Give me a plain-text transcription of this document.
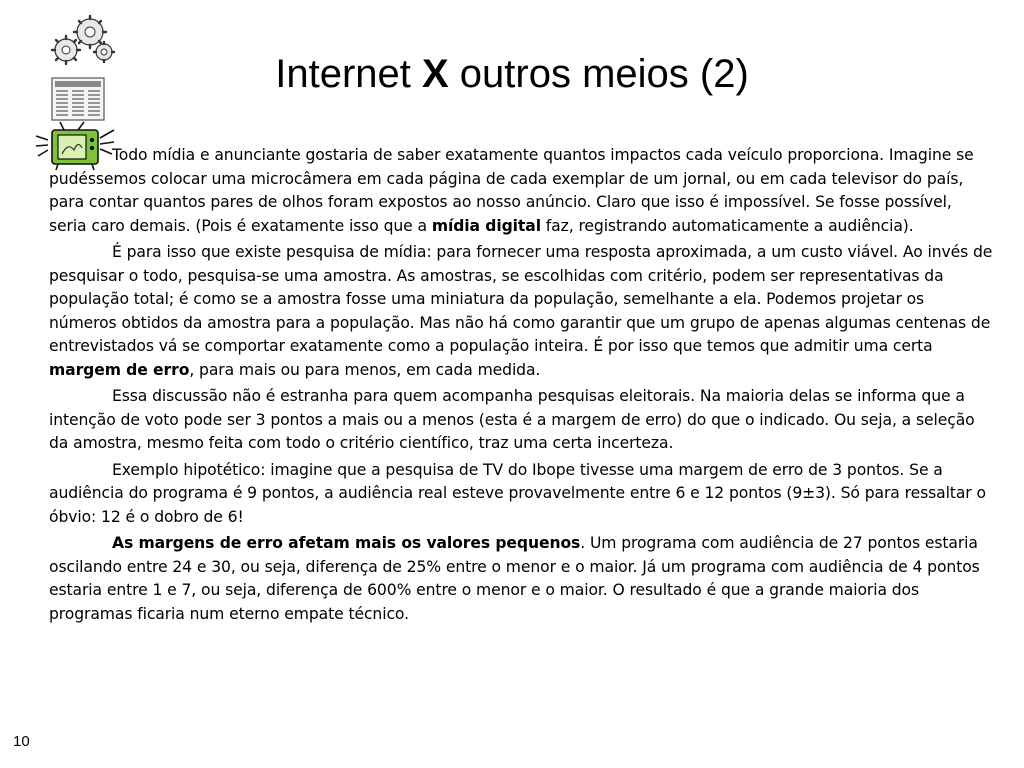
Internet X outros meios (2)

Todo mídia e anunciante gostaria de saber exatamente quantos impactos cada veículo proporciona. Imagine se pudéssemos colocar uma microcâmera em cada página de cada exemplar de um jornal, ou em cada televisor do país, para contar quantos pares de olhos foram expostos ao nosso anúncio. Claro que isso é impossível. Se fosse possível, seria caro demais. (Pois é exatamente isso que a mídia digital faz, registrando automaticamente a audiência).

É para isso que existe pesquisa de mídia: para fornecer uma resposta aproximada, a um custo viável. Ao invés de pesquisar o todo, pesquisa-se uma amostra. As amostras, se escolhidas com critério, podem ser representativas da população total; é como se a amostra fosse uma miniatura da população, semelhante a ela. Podemos projetar os números obtidos da amostra para a população. Mas não há como garantir que um grupo de apenas algumas centenas de entrevistados vá se comportar exatamente como a população inteira. É por isso que temos que admitir uma certa margem de erro, para mais ou para menos, em cada medida.

Essa discussão não é estranha para quem acompanha pesquisas eleitorais. Na maioria delas se informa que a intenção de voto pode ser 3 pontos a mais ou a menos (esta é a margem de erro) do que o indicado. Ou seja, a seleção da amostra, mesmo feita com todo o critério científico, traz uma certa incerteza.

Exemplo hipotético: imagine que a pesquisa de TV do Ibope tivesse uma margem de erro de 3 pontos. Se a audiência do programa é 9 pontos, a audiência real esteve provavelmente entre 6 e 12 pontos (9±3). Só para ressaltar o óbvio: 12 é o dobro de 6!

As margens de erro afetam mais os valores pequenos. Um programa com audiência de 27 pontos estaria oscilando entre 24 e 30, ou seja, diferença de 25% entre o menor e o maior. Já um programa com audiência de 4 pontos estaria entre 1 e 7, ou seja, diferença de 600% entre o menor e o maior. O resultado é que a grande maioria dos programas ficaria num eterno empate técnico.

10
